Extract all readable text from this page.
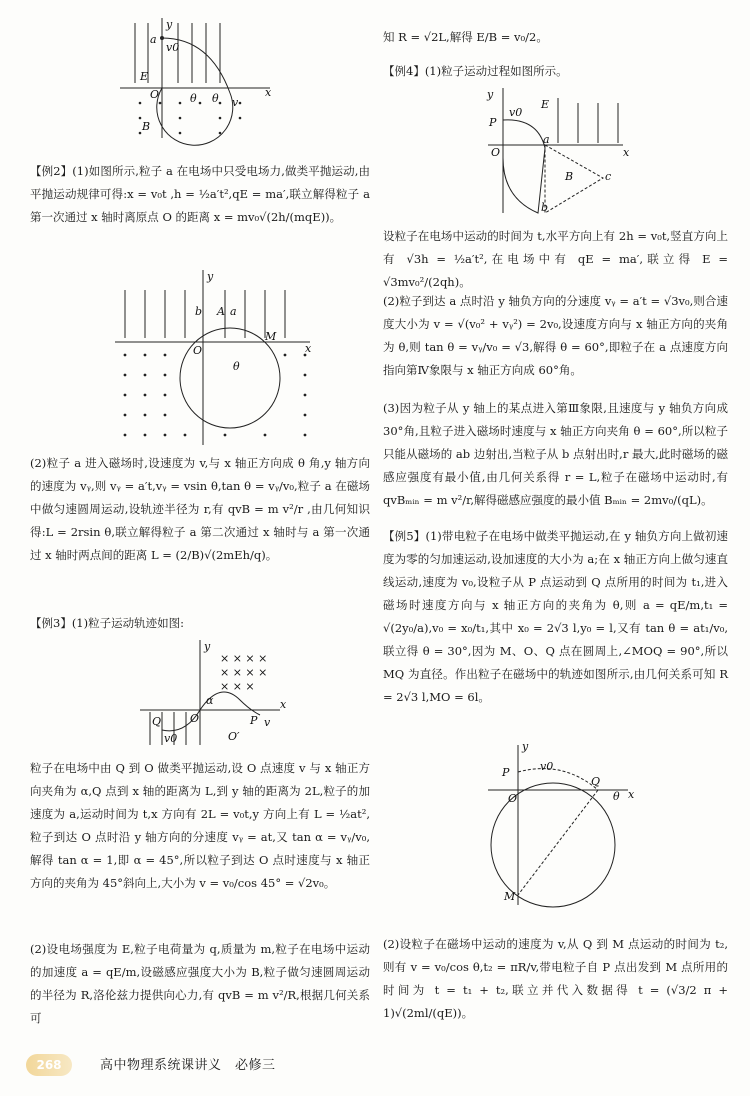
a
v0
y
E
O	θ θ v
x
B
【例2】(1)如图所示,粒子 a 在电场中只受电场力,做类平抛运动,由平抛运动规律可得:x = v₀t ,h = ½a′t²,qE = ma′,联立解得粒子 a 第一次通过 x 轴时离原点 O 的距离 x = mv₀√(2h/(mqE))。
y
b A a
M
x
O
θ
(2)粒子 a 进入磁场时,设速度为 v,与 x 轴正方向成 θ 角,y 轴方向的速度为 vᵧ,则 vᵧ = a′t,vᵧ = vsin θ,tan θ = vᵧ/v₀,粒子 a 在磁场中做匀速圆周运动,设轨迹半径为 r,有 qvB = m v²/r ,由几何知识得:L = 2rsin θ,联立解得粒子 a 第二次通过 x 轴时与 a 第一次通过 x 轴时两点间的距离 L = (2/B)√(2mEh/q)。
【例3】(1)粒子运动轨迹如图:
× × × ×
× × × ×
× × ×
y
Q	O	P v
v0	O′
x
α
粒子在电场中由 Q 到 O 做类平抛运动,设 O 点速度 v 与 x 轴正方向夹角为 α,Q 点到 x 轴的距离为 L,到 y 轴的距离为 2L,粒子的加速度为 a,运动时间为 t,x 方向有 2L = v₀t,y 方向上有 L = ½at²,粒子到达 O 点时沿 y 轴方向的分速度 vᵧ = at,又 tan α = vᵧ/v₀,解得 tan α = 1,即 α = 45°,所以粒子到达 O 点时速度与 x 轴正方向的夹角为 45°斜向上,大小为 v = v₀/cos 45° = √2v₀。
(2)设电场强度为 E,粒子电荷量为 q,质量为 m,粒子在电场中运动的加速度 a = qE/m,设磁感应强度大小为 B,粒子做匀速圆周运动的半径为 R,洛伦兹力提供向心力,有 qvB = m v²/R,根据几何关系可
知 R = √2L,解得 E/B = v₀/2。
【例4】(1)粒子运动过程如图所示。
y
P
v0
E
a
O	x
B	c
b
设粒子在电场中运动的时间为 t,水平方向上有 2h = v₀t,竖直方向上有 √3h = ½a′t²,在电场中有 qE = ma′,联立得 E = √3mv₀²/(2qh)。
(2)粒子到达 a 点时沿 y 轴负方向的分速度 vᵧ = a′t = √3v₀,则合速度大小为 v = √(v₀² + vᵧ²) = 2v₀,设速度方向与 x 轴正方向的夹角为 θ,则 tan θ = vᵧ/v₀ = √3,解得 θ = 60°,即粒子在 a 点速度方向指向第Ⅳ象限与 x 轴正方向成 60°角。
(3)因为粒子从 y 轴上的某点进入第Ⅲ象限,且速度与 y 轴负方向成 30°角,且粒子进入磁场时速度与 x 轴正方向夹角 θ = 60°,所以粒子只能从磁场的 ab 边射出,当粒子从 b 点射出时,r 最大,此时磁场的磁感应强度有最小值,由几何关系得 r = L,粒子在磁场中运动时,有 qvBₘᵢₙ = m v²/r,解得磁感应强度的最小值 Bₘᵢₙ = 2mv₀/(qL)。
【例5】(1)带电粒子在电场中做类平抛运动,在 y 轴负方向上做初速度为零的匀加速运动,设加速度的大小为 a;在 x 轴正方向上做匀速直线运动,速度为 v₀,设粒子从 P 点运动到 Q 点所用的时间为 t₁,进入磁场时速度方向与 x 轴正方向的夹角为 θ,则 a = qE/m,t₁ = √(2y₀/a),v₀ = x₀/t₁,其中 x₀ = 2√3 l,y₀ = l,又有 tan θ = at₁/v₀,联立得 θ = 30°,因为 M、O、Q 点在圆周上,∠MOQ = 90°,所以 MQ 为直径。作出粒子在磁场中的轨迹如图所示,由几何关系可知 R = 2√3 l,MO = 6l。
y
P	v0
Q
O	θ x
M
(2)设粒子在磁场中运动的速度为 v,从 Q 到 M 点运动的时间为 t₂,则有 v = v₀/cos θ,t₂ = πR/v,带电粒子自 P 点出发到 M 点所用的时间为 t = t₁ + t₂,联立并代入数据得 t = (√3/2 π + 1)√(2ml/(qE))。
268	高中物理系统课讲义　必修三
